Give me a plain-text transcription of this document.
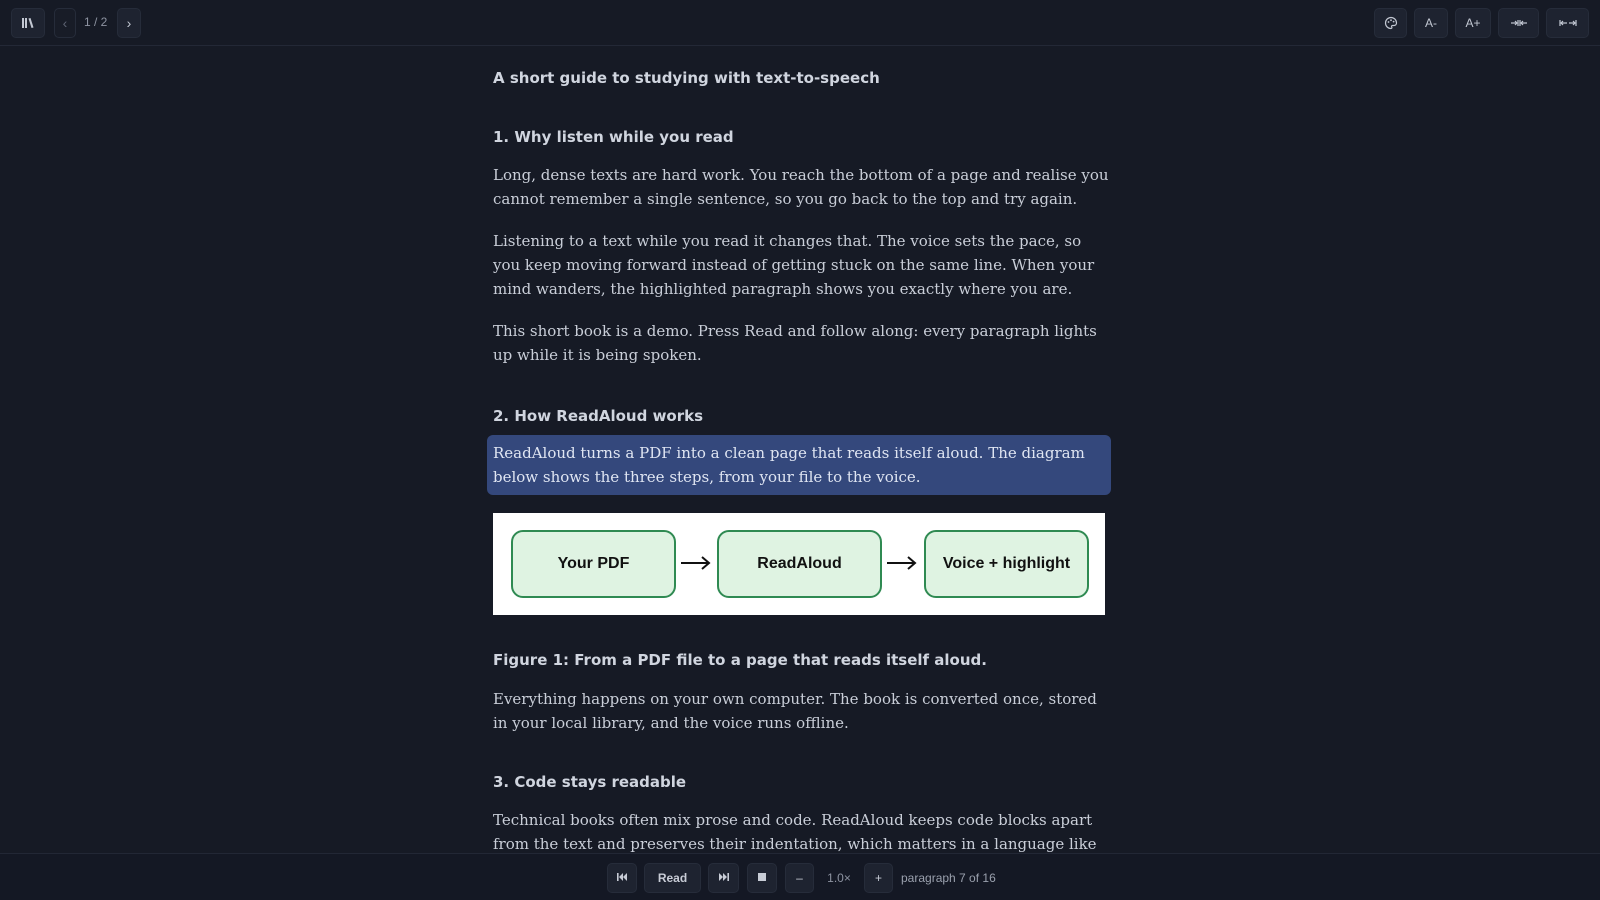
‹	1 / 2	›	A-	A+
A short guide to studying with text-to-speech
1. Why listen while you read

Long, dense texts are hard work. You reach the bottom of a page and realise you cannot remember a single sentence, so you go back to the top and try again.

Listening to a text while you read it changes that. The voice sets the pace, so you keep moving forward instead of getting stuck on the same line. When your mind wanders, the highlighted paragraph shows you exactly where you are.

This short book is a demo. Press Read and follow along: every paragraph lights up while it is being spoken.

2. How ReadAloud works

ReadAloud turns a PDF into a clean page that reads itself aloud. The diagram below shows the three steps, from your file to the voice.

Your PDF	ReadAloud	Voice + highlight
Figure 1: From a PDF file to a page that reads itself aloud.

Everything happens on your own computer. The book is converted once, stored in your local library, and the voice runs offline.

3. Code stays readable

Technical books often mix prose and code. ReadAloud keeps code blocks apart from the text and preserves their indentation, which matters in a language like

Read	–	1.0×	+	paragraph 7 of 16
